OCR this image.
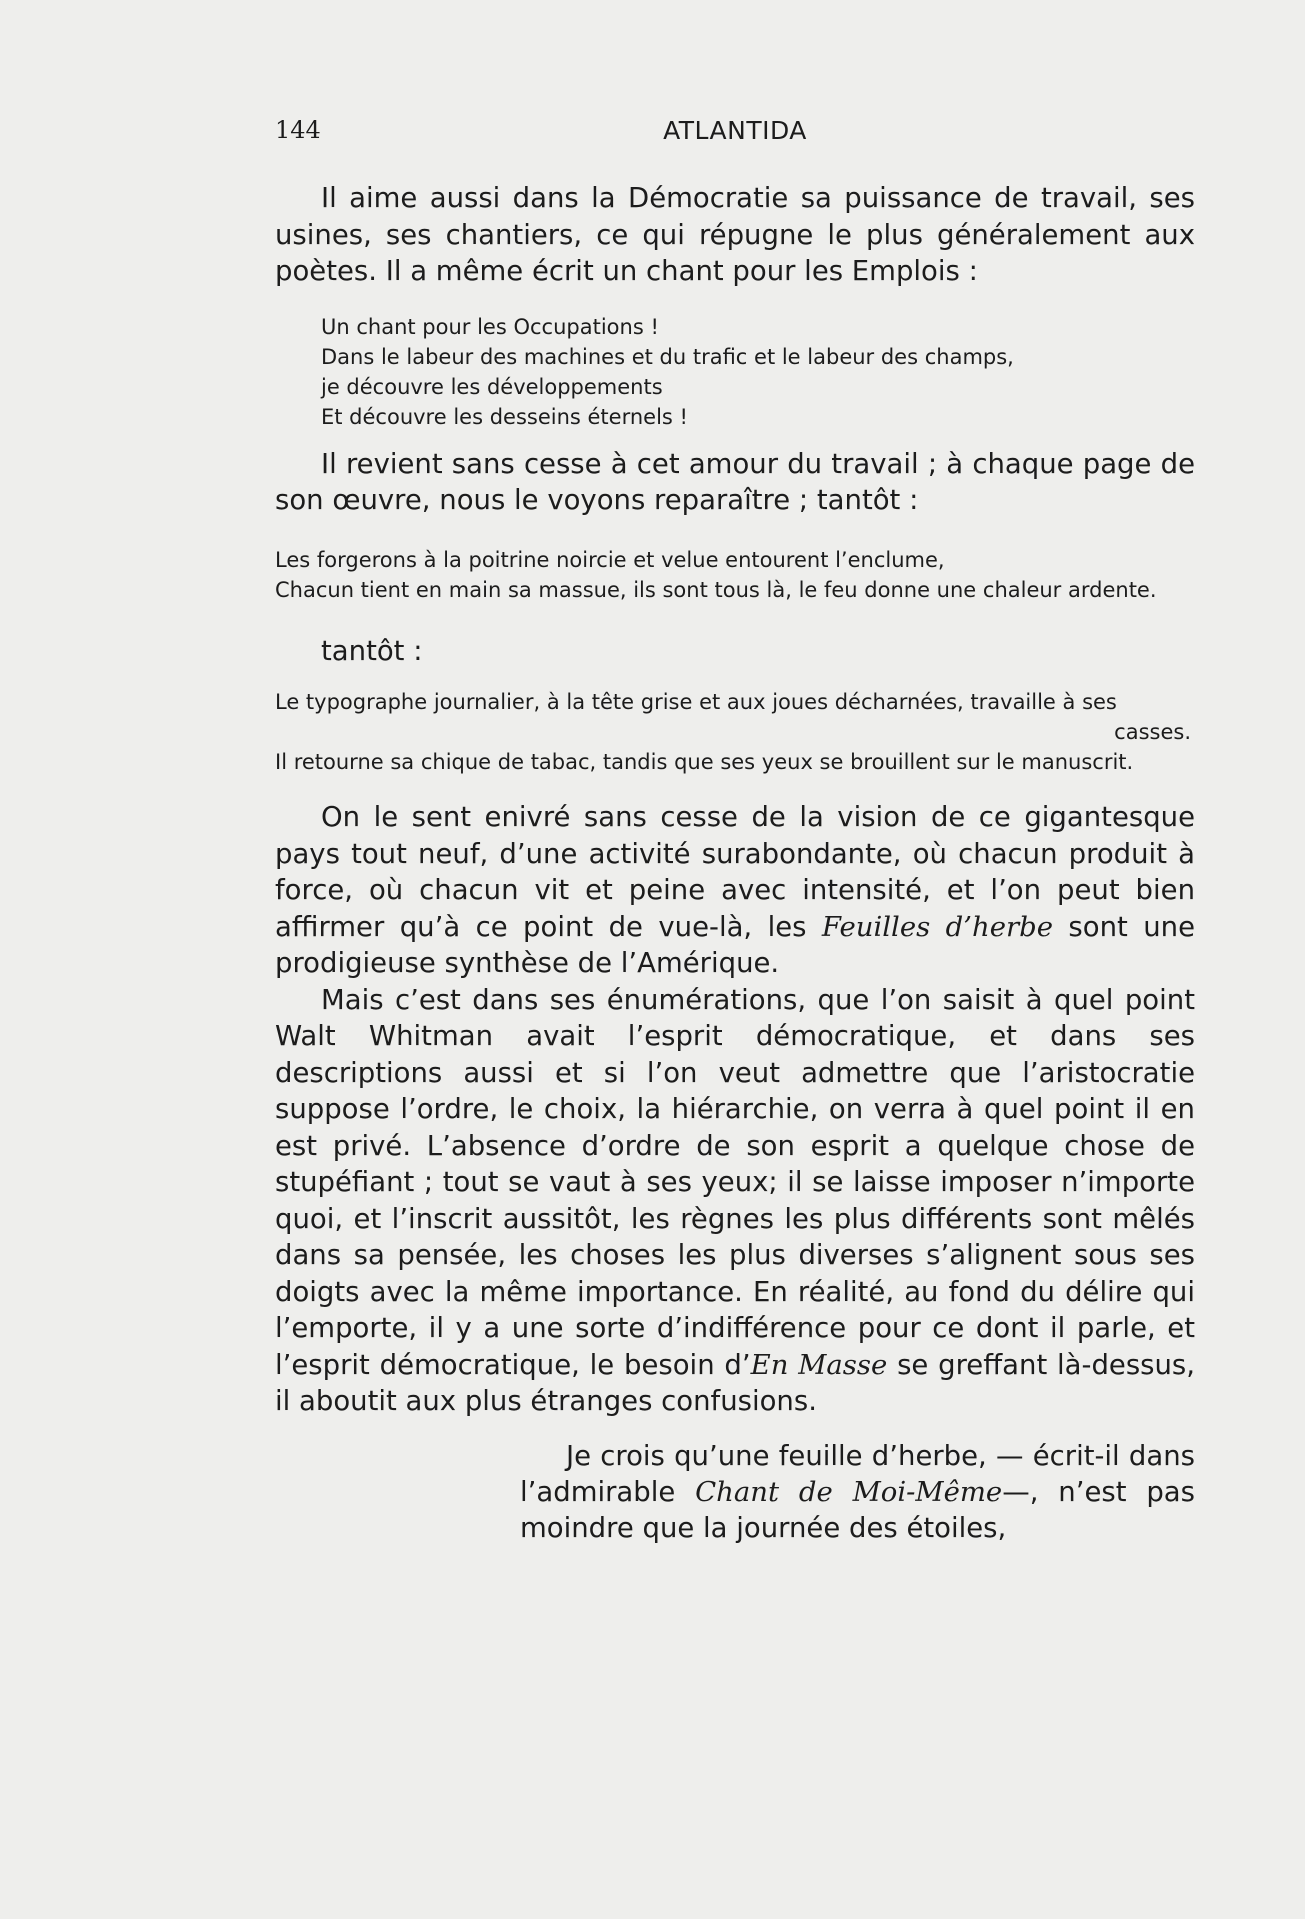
144	ATLANTIDA

Il aime aussi dans la Démocratie sa puissance de travail, ses usines, ses chantiers, ce qui répugne le plus généralement aux poètes. Il a même écrit un chant pour les Emplois :

Un chant pour les Occupations !
Dans le labeur des machines et du trafic et le labeur des champs,
je découvre les développements
Et découvre les desseins éternels !

Il revient sans cesse à cet amour du travail ; à chaque page de son œuvre, nous le voyons reparaître ; tantôt :

Les forgerons à la poitrine noircie et velue entourent l’enclume,
Chacun tient en main sa massue, ils sont tous là, le feu donne une chaleur ardente.

tantôt :

Le typographe journalier, à la tête grise et aux joues décharnées, travaille à ses
casses.
Il retourne sa chique de tabac, tandis que ses yeux se brouillent sur le manuscrit.

On le sent enivré sans cesse de la vision de ce gigantesque pays tout neuf, d’une activité surabondante, où chacun produit à force, où chacun vit et peine avec intensité, et l’on peut bien affirmer qu’à ce point de vue-là, les Feuilles d’herbe sont une prodigieuse synthèse de l’Amérique.

Mais c’est dans ses énumérations, que l’on saisit à quel point Walt Whitman avait l’esprit démocratique, et dans ses descriptions aussi et si l’on veut admettre que l’aristocratie suppose l’ordre, le choix, la hiérarchie, on verra à quel point il en est privé. L’absence d’ordre de son esprit a quelque chose de stupéfiant ; tout se vaut à ses yeux; il se laisse imposer n’importe quoi, et l’inscrit aussitôt, les règnes les plus différents sont mêlés dans sa pensée, les choses les plus diverses s’alignent sous ses doigts avec la même importance. En réalité, au fond du délire qui l’emporte, il y a une sorte d’indifférence pour ce dont il parle, et l’esprit démocratique, le besoin d’En Masse se greffant là-dessus, il aboutit aux plus étranges confusions.

Je crois qu’une feuille d’herbe, — écrit-il dans l’admirable Chant de Moi-Même—, n’est pas moindre que la journée des étoiles,
